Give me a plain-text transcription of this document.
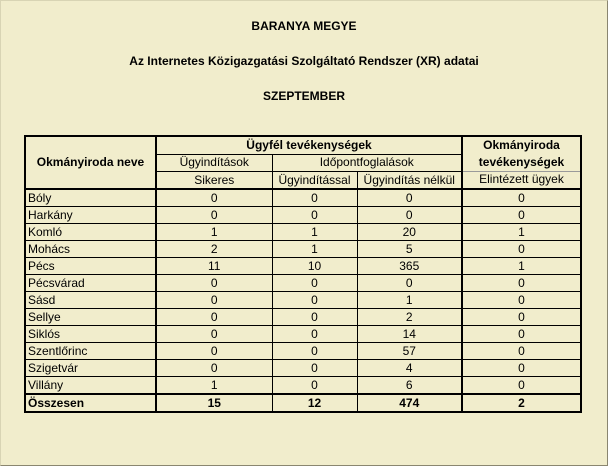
BARANYA MEGYE
Az Internetes Közigazgatási Szolgáltató Rendszer (XR) adatai
SZEPTEMBER
Okmányiroda neve	Ügyfél tevékenységek			Okmányiroda tevékenységek
	Ügyindítások	Időpontfoglalások		
	Sikeres	Ügyindítással	Ügyindítás nélkül	Elintézett ügyek
Bóly	0	0	0	0
Harkány	0	0	0	0
Komló	1	1	20	1
Mohács	2	1	5	0
Pécs	11	10	365	1
Pécsvárad	0	0	0	0
Sásd	0	0	1	0
Sellye	0	0	2	0
Siklós	0	0	14	0
Szentlőrinc	0	0	57	0
Szigetvár	0	0	4	0
Villány	1	0	6	0
Összesen	15	12	474	2
